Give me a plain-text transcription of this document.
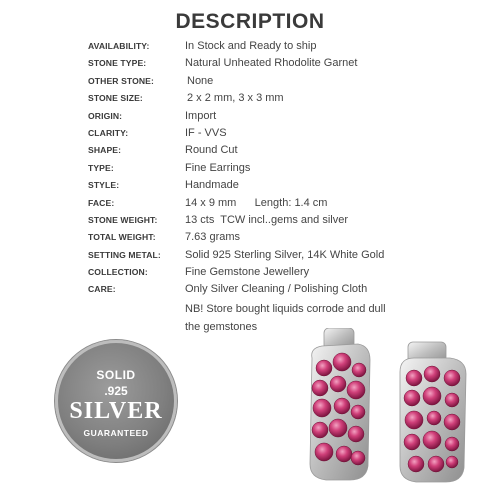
DESCRIPTION
AVAILABILITY:	In Stock and Ready to ship
STONE TYPE:	Natural Unheated Rhodolite Garnet
OTHER STONE:	None
STONE SIZE:	2 x 2 mm, 3 x 3 mm
ORIGIN:	Import
CLARITY:	IF - VVS
SHAPE:	Round Cut
TYPE:	Fine Earrings
STYLE:	Handmade
FACE:	14 x 9 mm      Length: 1.4 cm
STONE WEIGHT:	13 cts  TCW incl..gems and silver
TOTAL WEIGHT:	7.63 grams
SETTING METAL:	Solid 925 Sterling Silver, 14K White Gold
COLLECTION:	Fine Gemstone Jewellery
CARE:	Only Silver Cleaning / Polishing Cloth
NB! Store bought liquids corrode and dull
the gemstones
SOLID
.925
SILVER
GUARANTEED
